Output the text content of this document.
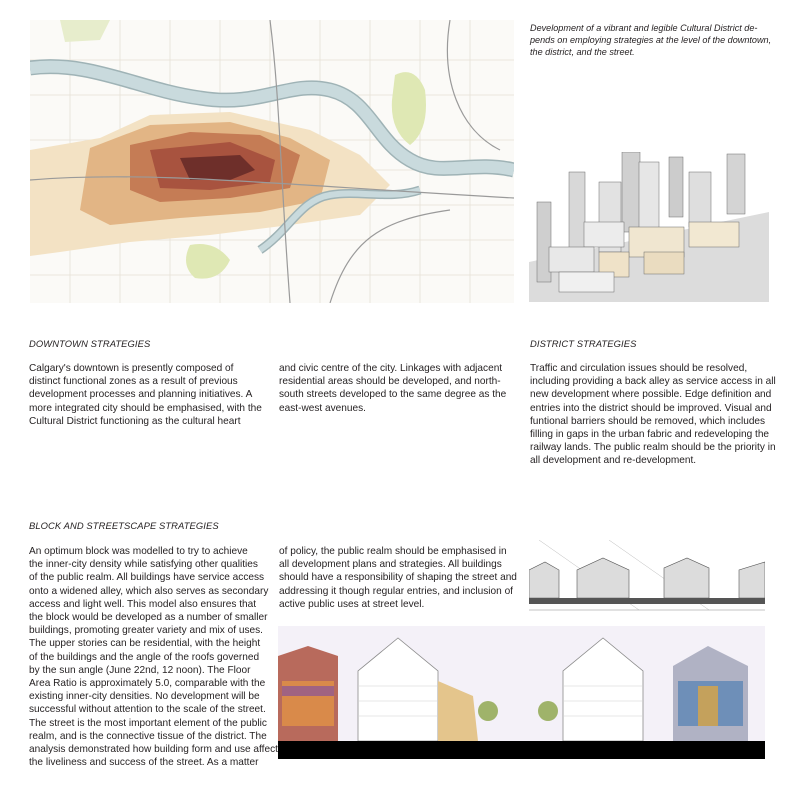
Development of a vibrant and legible Cultural District de-
pends on employing strategies at the level of the downtown,
the district, and the street.
DOWNTOWN STRATEGIES
Calgary's downtown is presently composed of
distinct functional zones as a result of previous
development processes and planning initiatives. A
more integrated city should be emphasised, with the
Cultural District functioning as the cultural heart
and civic centre of the city. Linkages with adjacent
residential areas should be developed, and north-
south streets developed to the same degree as the
east-west avenues.
DISTRICT STRATEGIES
Traffic and circulation issues should be resolved,
including providing a back alley as service access in all
new development where possible. Edge definition and
entries into the district should be improved. Visual and
funtional barriers should be removed, which includes
filling in gaps in the urban fabric and redeveloping the
railway lands. The public realm should be the priority in
all development and re-development.
BLOCK AND STREETSCAPE STRATEGIES
An optimum block was modelled to try to achieve
the inner-city density while satisfying other qualities
of the public realm. All buildings have service access
onto a widened alley, which also serves as secondary
access and light well. This model also ensures that
the block would be developed as a number of smaller
buildings, promoting greater variety and mix of uses.
The upper stories can be residential, with the height
of the buildings and the angle of the roofs governed
by the sun angle (June 22nd, 12 noon). The Floor
Area Ratio is approximately 5.0, comparable with the
existing inner-city densities. No development will be
successful without attention to the scale of the street.
The street is the most important element of the public
realm, and is the connective tissue of the district. The
analysis demonstrated how building form and use affect
the liveliness and success of the street. As a matter
of policy, the public realm should be emphasised in
all development plans and strategies. All buildings
should have a responsibility of shaping the street and
addressing it though regular entries, and inclusion of
active public uses at street level.
